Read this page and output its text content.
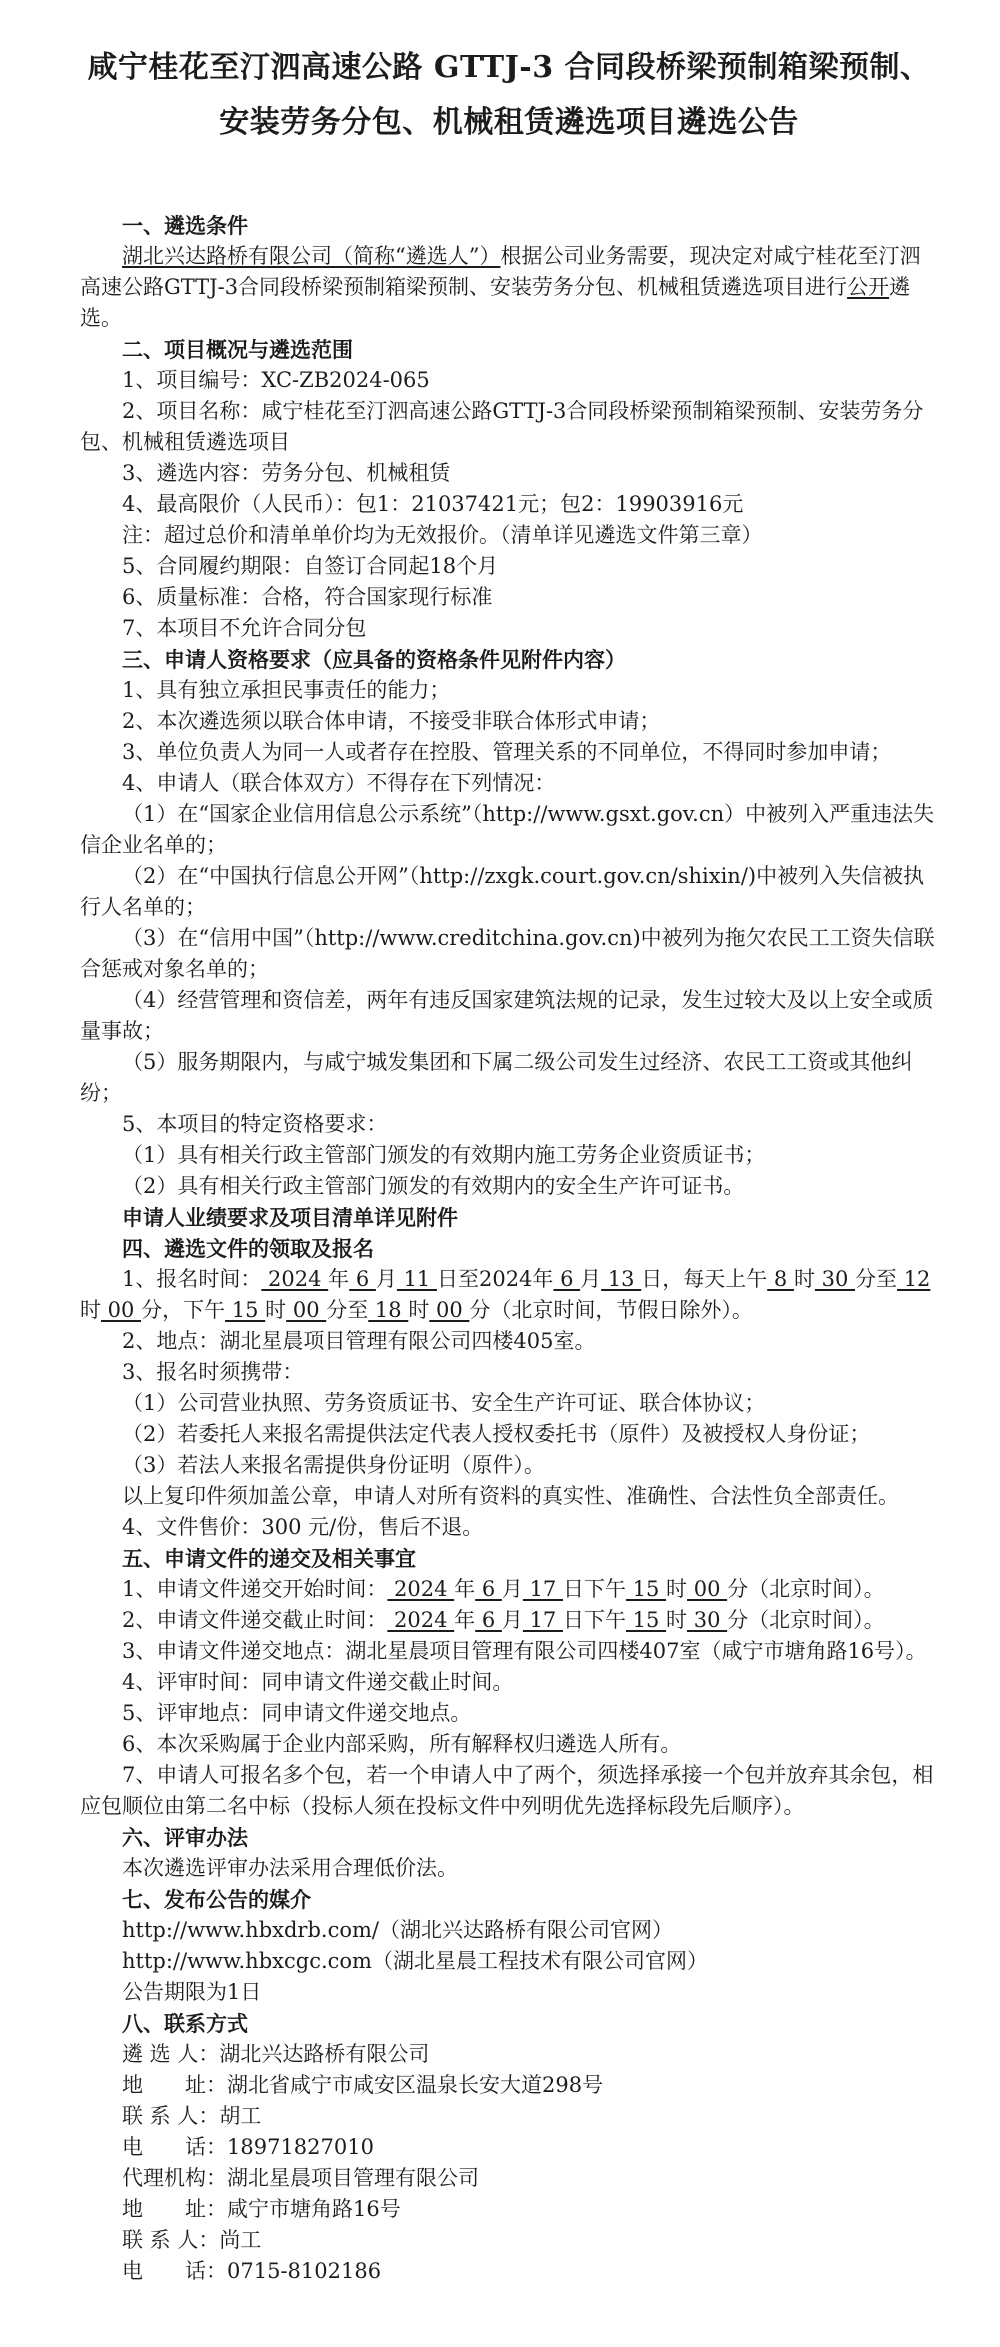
咸宁桂花至汀泗高速公路 GTTJ-3 合同段桥梁预制箱梁预制、
安装劳务分包、机械租赁遴选项目遴选公告

一、遴选条件

湖北兴达路桥有限公司（简称“遴选人”）根据公司业务需要，现决定对咸宁桂花至汀泗高速公路GTTJ-3合同段桥梁预制箱梁预制、安装劳务分包、机械租赁遴选项目进行公开遴选。

二、项目概况与遴选范围

1、项目编号：XC-ZB2024-065

2、项目名称：咸宁桂花至汀泗高速公路GTTJ-3合同段桥梁预制箱梁预制、安装劳务分包、机械租赁遴选项目

3、遴选内容：劳务分包、机械租赁

4、最高限价（人民币）：包1：21037421元；包2：19903916元

注：超过总价和清单单价均为无效报价。（清单详见遴选文件第三章）

5、合同履约期限：自签订合同起18个月

6、质量标准：合格，符合国家现行标准

7、本项目不允许合同分包

三、申请人资格要求（应具备的资格条件见附件内容）

1、具有独立承担民事责任的能力；

2、本次遴选须以联合体申请，不接受非联合体形式申请；

3、单位负责人为同一人或者存在控股、管理关系的不同单位，不得同时参加申请；

4、申请人（联合体双方）不得存在下列情况：

（1）在“国家企业信用信息公示系统”（http://www.gsxt.gov.cn）中被列入严重违法失信企业名单的；

（2）在“中国执行信息公开网”（http://zxgk.court.gov.cn/shixin/)中被列入失信被执行人名单的；

（3）在“信用中国”（http://www.creditchina.gov.cn)中被列为拖欠农民工工资失信联合惩戒对象名单的；

（4）经营管理和资信差，两年有违反国家建筑法规的记录，发生过较大及以上安全或质量事故；

（5）服务期限内，与咸宁城发集团和下属二级公司发生过经济、农民工工资或其他纠纷；

5、本项目的特定资格要求：

（1）具有相关行政主管部门颁发的有效期内施工劳务企业资质证书；

（2）具有相关行政主管部门颁发的有效期内的安全生产许可证书。

申请人业绩要求及项目清单详见附件

四、遴选文件的领取及报名

1、报名时间： 2024 年 6 月 11 日至2024年 6 月 13 日，每天上午 8 时 30 分至 12 时 00 分，下午 15 时 00 分至 18 时 00 分（北京时间，节假日除外）。

2、地点：湖北星晨项目管理有限公司四楼405室。

3、报名时须携带：

（1）公司营业执照、劳务资质证书、安全生产许可证、联合体协议；

（2）若委托人来报名需提供法定代表人授权委托书（原件）及被授权人身份证；

（3）若法人来报名需提供身份证明（原件）。

以上复印件须加盖公章，申请人对所有资料的真实性、准确性、合法性负全部责任。

4、文件售价：300 元/份，售后不退。

五、申请文件的递交及相关事宜

1、申请文件递交开始时间： 2024 年 6 月 17 日下午 15 时 00 分（北京时间）。

2、申请文件递交截止时间： 2024 年 6 月 17 日下午 15 时 30 分（北京时间）。

3、申请文件递交地点：湖北星晨项目管理有限公司四楼407室（咸宁市塘角路16号）。

4、评审时间：同申请文件递交截止时间。

5、评审地点：同申请文件递交地点。

6、本次采购属于企业内部采购，所有解释权归遴选人所有。

7、申请人可报名多个包，若一个申请人中了两个，须选择承接一个包并放弃其余包，相应包顺位由第二名中标（投标人须在投标文件中列明优先选择标段先后顺序）。

六、评审办法

本次遴选评审办法采用合理低价法。

七、发布公告的媒介

http://www.hbxdrb.com/（湖北兴达路桥有限公司官网）

http://www.hbxcgc.com（湖北星晨工程技术有限公司官网）

公告期限为1日

八、联系方式

遴 选 人：湖北兴达路桥有限公司

地　　址：湖北省咸宁市咸安区温泉长安大道298号

联 系 人：胡工

电　　话：18971827010

代理机构：湖北星晨项目管理有限公司

地　　址：咸宁市塘角路16号

联 系 人：尚工

电　　话：0715-8102186
